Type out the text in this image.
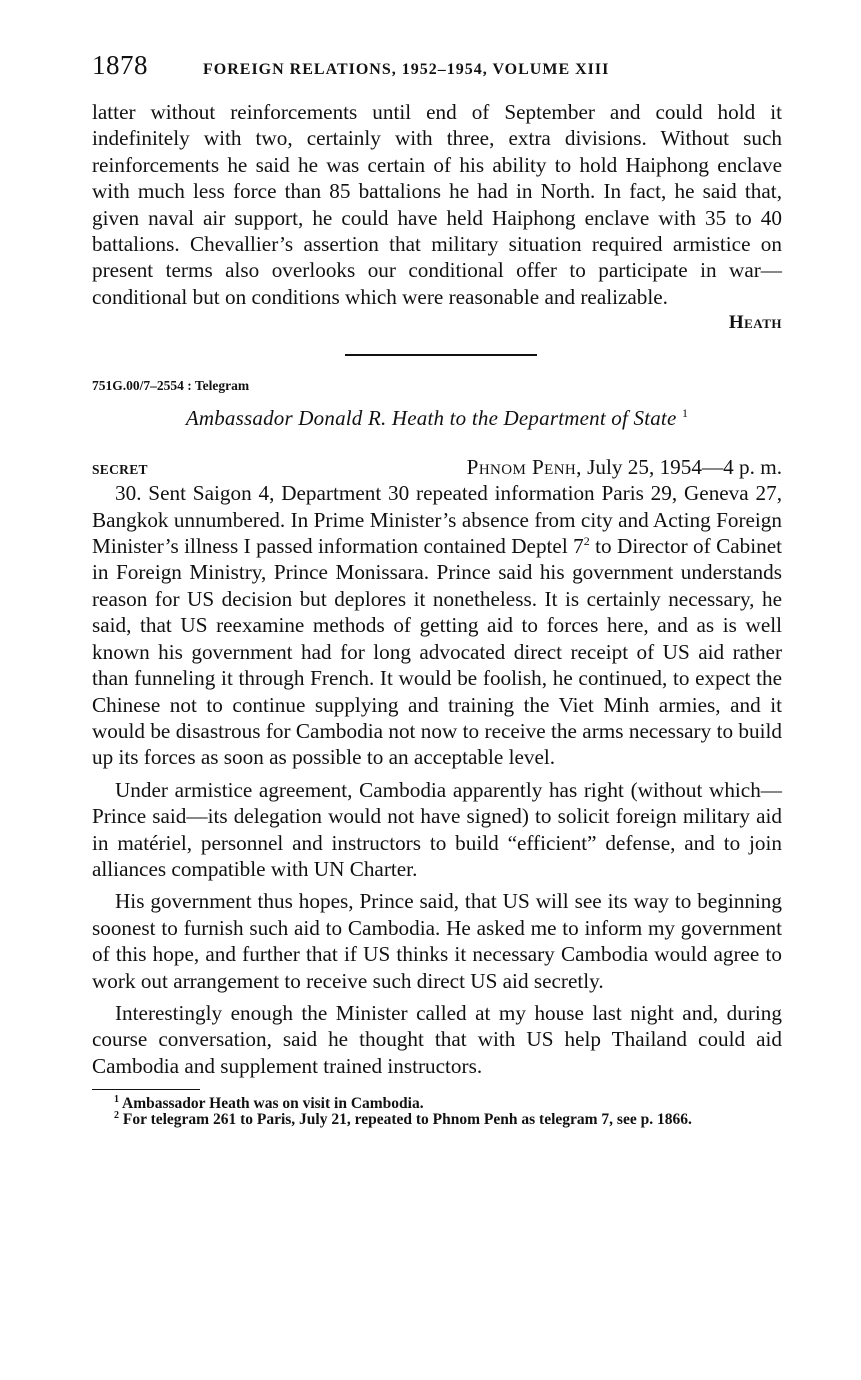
1878	FOREIGN RELATIONS, 1952–1954, VOLUME XIII

latter without reinforcements until end of September and could hold it indefinitely with two, certainly with three, extra divisions. Without such reinforcements he said he was certain of his ability to hold Haiphong enclave with much less force than 85 battalions he had in North. In fact, he said that, given naval air support, he could have held Haiphong enclave with 35 to 40 battalions. Chevallier’s assertion that military situation required armistice on present terms also overlooks our conditional offer to participate in war—conditional but on conditions which were reasonable and realizable.

Heath
751G.00/7–2554 : Telegram
Ambassador Donald R. Heath to the Department of State $^1$
SECRET	Phnom Penh, July 25, 1954—4 p. m.

30. Sent Saigon 4, Department 30 repeated information Paris 29, Geneva 27, Bangkok unnumbered. In Prime Minister’s absence from city and Acting Foreign Minister’s illness I passed information contained Deptel $7^2$ to Director of Cabinet in Foreign Ministry, Prince Monissara. Prince said his government understands reason for US decision but deplores it nonetheless. It is certainly necessary, he said, that US reexamine methods of getting aid to forces here, and as is well known his government had for long advocated direct receipt of US aid rather than funneling it through French. It would be foolish, he continued, to expect the Chinese not to continue supplying and training the Viet Minh armies, and it would be disastrous for Cambodia not now to receive the arms necessary to build up its forces as soon as possible to an acceptable level.

Under armistice agreement, Cambodia apparently has right (without which—Prince said—its delegation would not have signed) to solicit foreign military aid in matériel, personnel and instructors to build “efficient” defense, and to join alliances compatible with UN Charter.

His government thus hopes, Prince said, that US will see its way to beginning soonest to furnish such aid to Cambodia. He asked me to inform my government of this hope, and further that if US thinks it necessary Cambodia would agree to work out arrangement to receive such direct US aid secretly.

Interestingly enough the Minister called at my house last night and, during course conversation, said he thought that with US help Thailand could aid Cambodia and supplement trained instructors.

$^1$ Ambassador Heath was on visit in Cambodia.

$^2$ For telegram 261 to Paris, July 21, repeated to Phnom Penh as telegram 7, see p. 1866.
